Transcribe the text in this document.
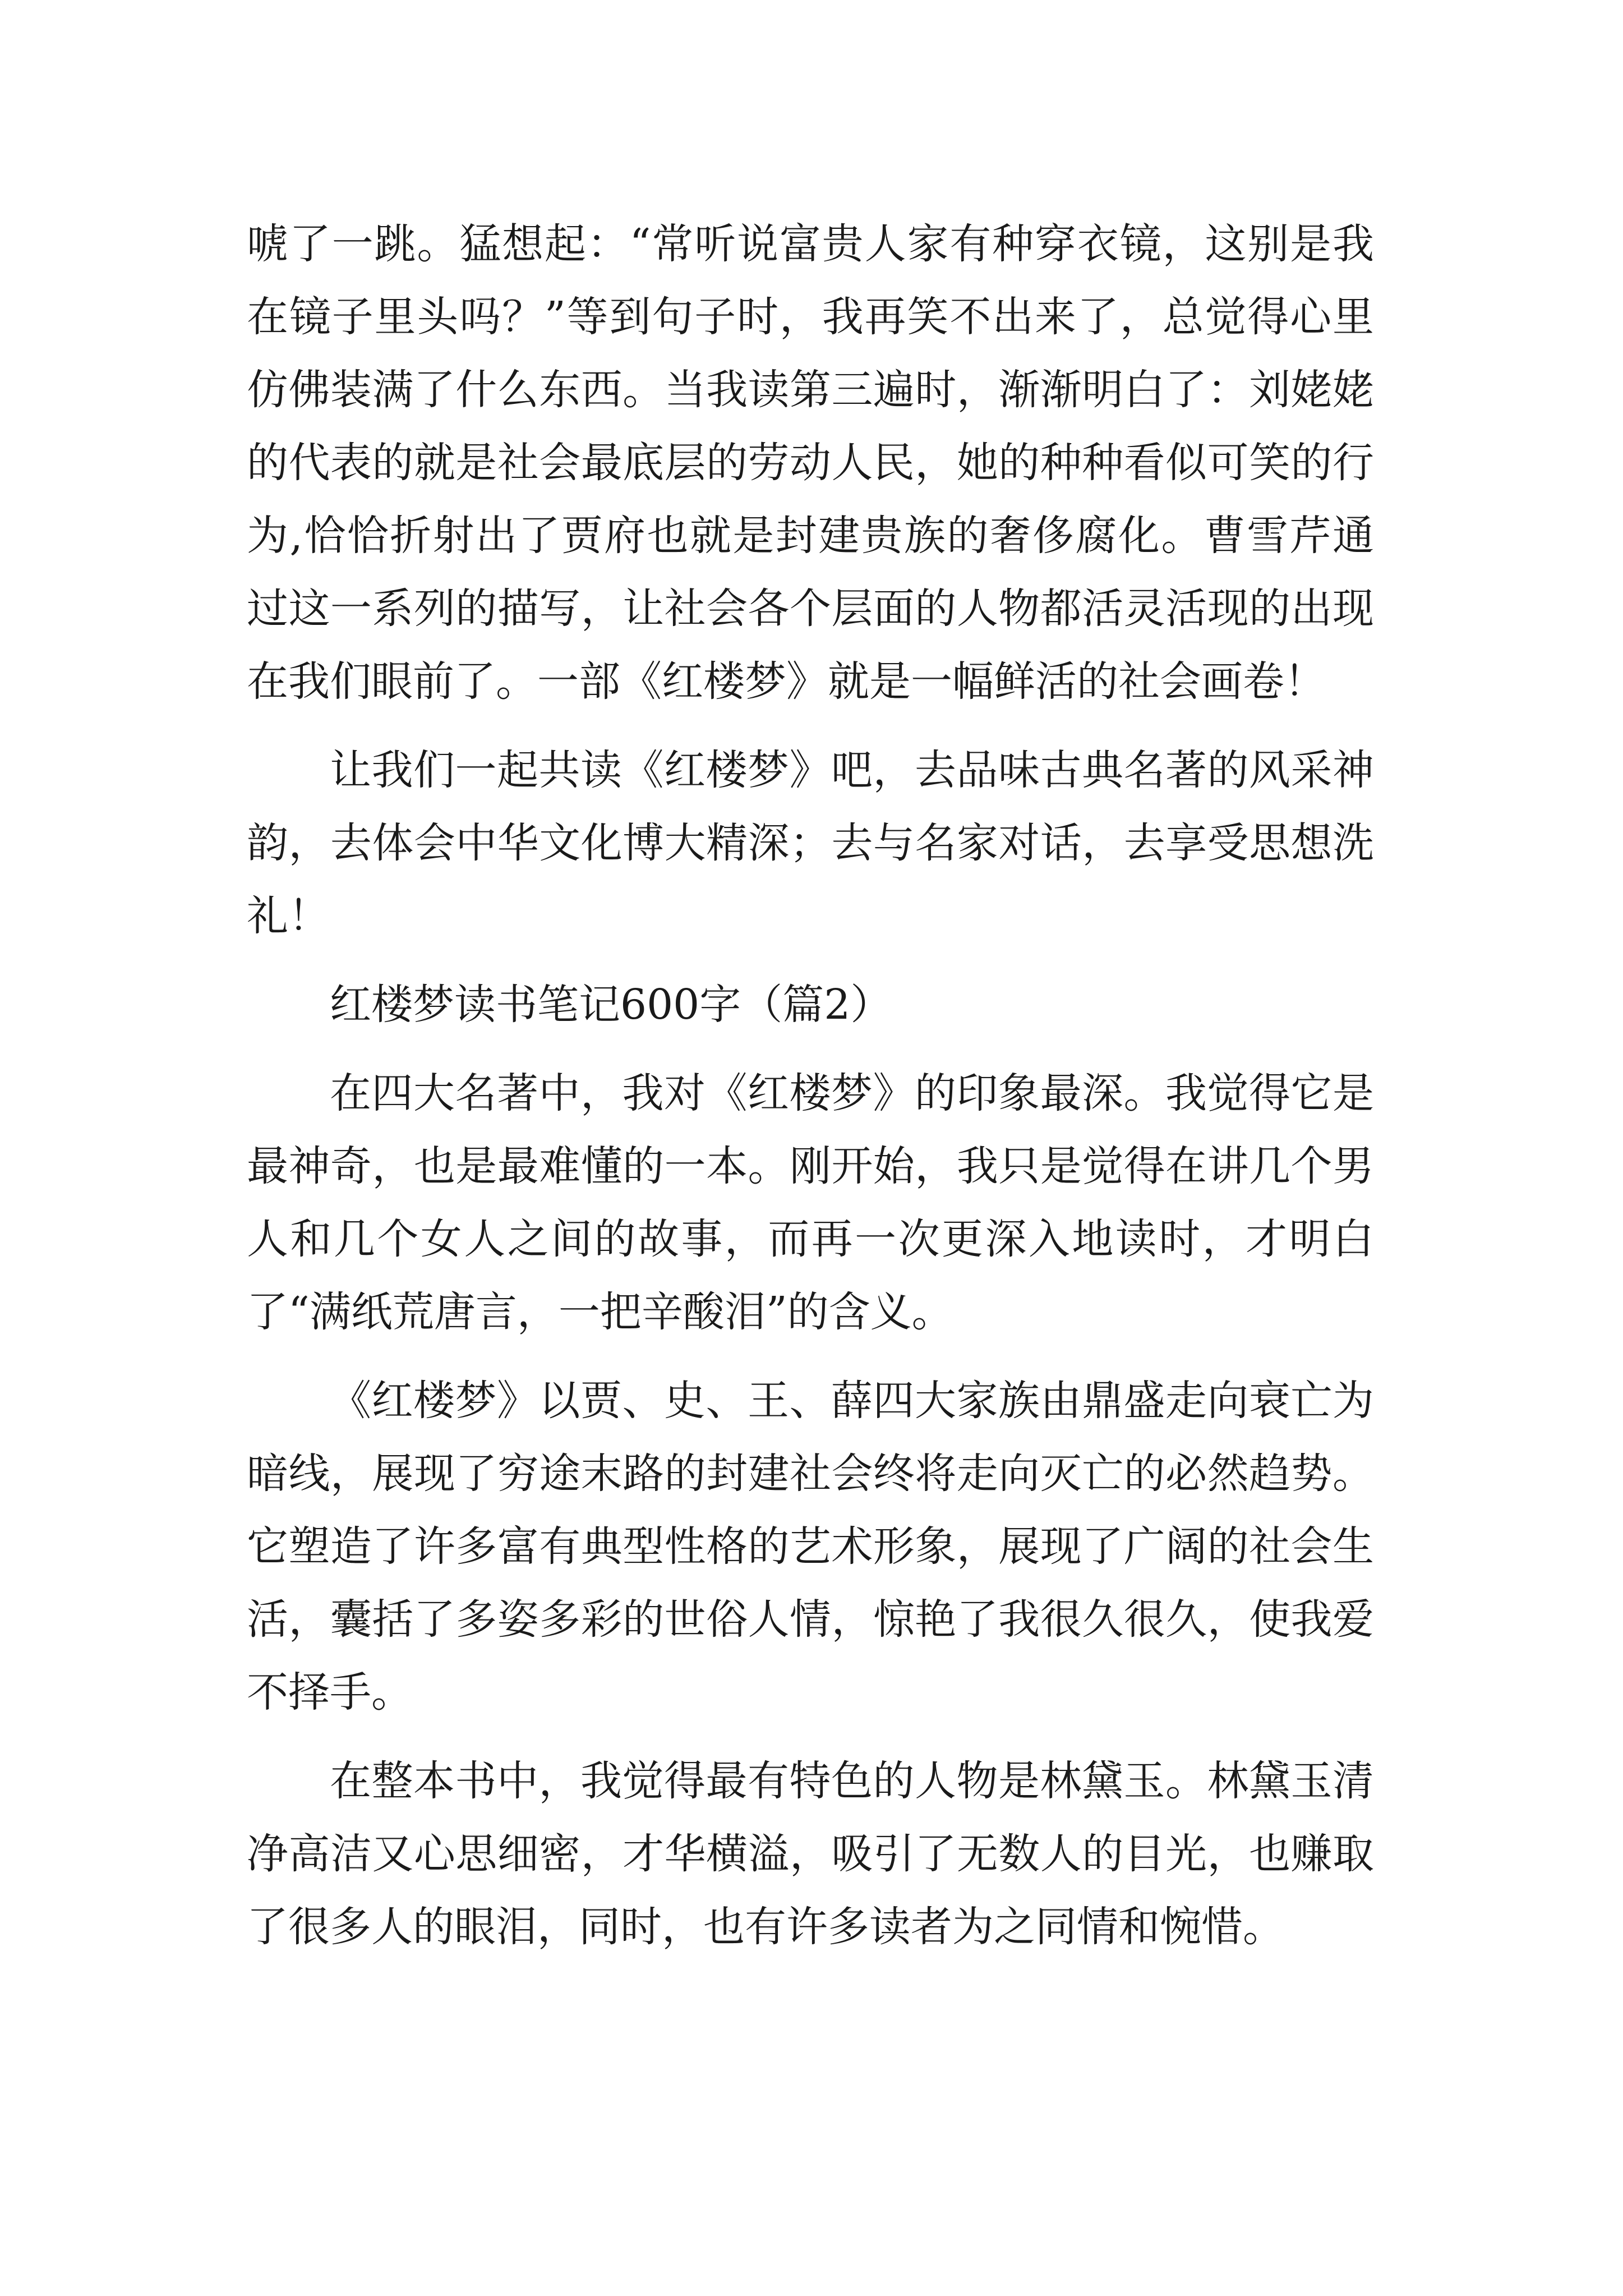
唬了一跳。猛想起：“常听说富贵人家有种穿衣镜，这别是我在镜子里头吗？”等到句子时，我再笑不出来了，总觉得心里仿佛装满了什么东西。当我读第三遍时，渐渐明白了：刘姥姥的代表的就是社会最底层的劳动人民，她的种种看似可笑的行为,恰恰折射出了贾府也就是封建贵族的奢侈腐化。曹雪芹通过这一系列的描写，让社会各个层面的人物都活灵活现的出现在我们眼前了。一部《红楼梦》就是一幅鲜活的社会画卷！

让我们一起共读《红楼梦》吧，去品味古典名著的风采神韵，去体会中华文化博大精深；去与名家对话，去享受思想洗礼！

红楼梦读书笔记600字（篇2）

在四大名著中，我对《红楼梦》的印象最深。我觉得它是最神奇，也是最难懂的一本。刚开始，我只是觉得在讲几个男人和几个女人之间的故事，而再一次更深入地读时，才明白了“满纸荒唐言，一把辛酸泪”的含义。

《红楼梦》以贾、史、王、薛四大家族由鼎盛走向衰亡为暗线，展现了穷途末路的封建社会终将走向灭亡的必然趋势。它塑造了许多富有典型性格的艺术形象，展现了广阔的社会生活，囊括了多姿多彩的世俗人情，惊艳了我很久很久，使我爱不择手。

在整本书中，我觉得最有特色的人物是林黛玉。林黛玉清净高洁又心思细密，才华横溢，吸引了无数人的目光，也赚取了很多人的眼泪，同时，也有许多读者为之同情和惋惜。
